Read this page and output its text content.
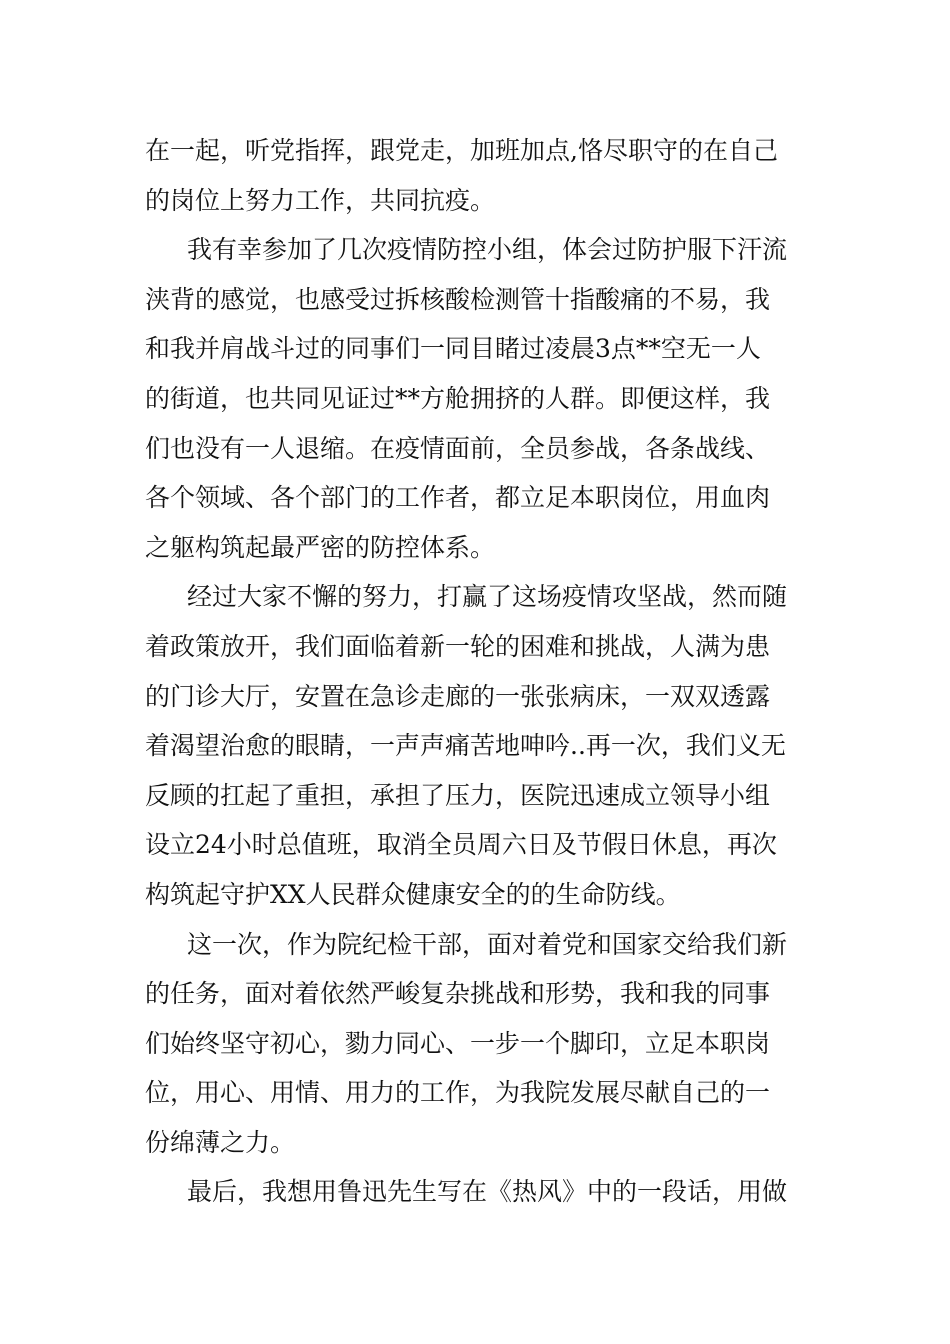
在一起，听党指挥，跟党走，加班加点,恪尽职守的在自己
的岗位上努力工作，共同抗疫。

我有幸参加了几次疫情防控小组，体会过防护服下汗流
浃背的感觉，也感受过拆核酸检测管十指酸痛的不易，我
和我并肩战斗过的同事们一同目睹过凌晨3点**空无一人
的街道，也共同见证过**方舱拥挤的人群。即便这样，我
们也没有一人退缩。在疫情面前，全员参战，各条战线、
各个领域、各个部门的工作者，都立足本职岗位，用血肉
之躯构筑起最严密的防控体系。

经过大家不懈的努力，打赢了这场疫情攻坚战，然而随
着政策放开，我们面临着新一轮的困难和挑战，人满为患
的门诊大厅，安置在急诊走廊的一张张病床，一双双透露
着渴望治愈的眼睛，一声声痛苦地呻吟..再一次，我们义无
反顾的扛起了重担，承担了压力，医院迅速成立领导小组
设立24小时总值班，取消全员周六日及节假日休息，再次
构筑起守护XX人民群众健康安全的的生命防线。

这一次，作为院纪检干部，面对着党和国家交给我们新
的任务，面对着依然严峻复杂挑战和形势，我和我的同事
们始终坚守初心，勠力同心、一步一个脚印，立足本职岗
位，用心、用情、用力的工作，为我院发展尽献自己的一
份绵薄之力。

最后，我想用鲁迅先生写在《热风》中的一段话，用做
